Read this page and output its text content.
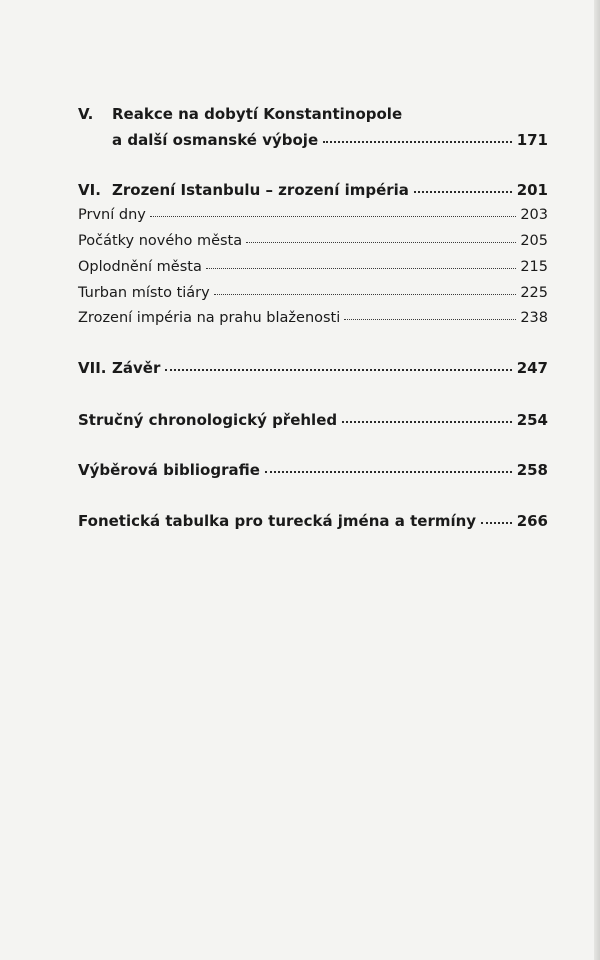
V.	Reakce na dobytí Konstantinopole
a další osmanské výboje	171
VI. Zrození Istanbulu – zrození impéria	201
První dny	203
Počátky nového města	205
Oplodnění města	215
Turban místo tiáry	225
Zrození impéria na prahu blaženosti	238
VII. Závěr	247
Stručný chronologický přehled	254
Výběrová bibliografie	258
Fonetická tabulka pro turecká jména a termíny	266
